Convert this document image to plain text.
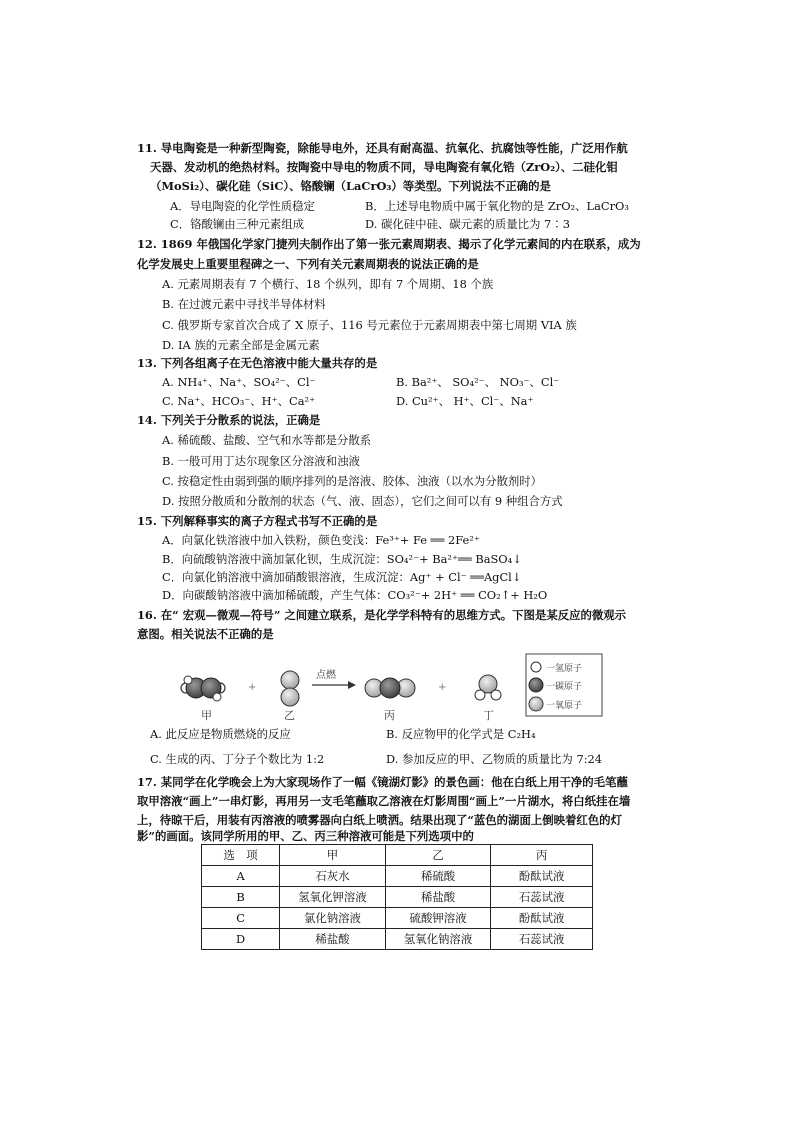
11. 导电陶瓷是一种新型陶瓷，除能导电外，还具有耐高温、抗氧化、抗腐蚀等性能，广泛用作航
天器、发动机的绝热材料。按陶瓷中导电的物质不同，导电陶瓷有氧化锆（ZrO₂）、二硅化钼
（MoSi₂）、碳化硅（SiC）、铬酸镧（LaCrO₃）等类型。下列说法不正确的是
A．导电陶瓷的化学性质稳定	B．上述导电物质中属于氧化物的是 ZrO₂、LaCrO₃
C．铬酸镧由三种元素组成	D. 碳化硅中硅、碳元素的质量比为 7∶3
12. 1869 年俄国化学家门捷列夫制作出了第一张元素周期表、揭示了化学元素间的内在联系，成为
化学发展史上重要里程碑之一、下列有关元素周期表的说法正确的是
A. 元素周期表有 7 个横行、18 个纵列，即有 7 个周期、18 个族
B. 在过渡元素中寻找半导体材料
C. 俄罗斯专家首次合成了 X 原子、116 号元素位于元素周期表中第七周期 VIA 族
D. IA 族的元素全部是金属元素
13. 下列各组离子在无色溶液中能大量共存的是
A. NH₄⁺、Na⁺、SO₄²⁻、Cl⁻	B. Ba²⁺、 SO₄²⁻、 NO₃⁻、Cl⁻
C. Na⁺、HCO₃⁻、H⁺、Ca²⁺	D. Cu²⁺、 H⁺、Cl⁻、Na⁺
14. 下列关于分散系的说法，正确是
A. 稀硫酸、盐酸、空气和水等都是分散系
B. 一般可用丁达尔现象区分溶液和浊液
C. 按稳定性由弱到强的顺序排列的是溶液、胶体、浊液（以水为分散剂时）
D. 按照分散质和分散剂的状态（气、液、固态），它们之间可以有 9 种组合方式
15. 下列解释事实的离子方程式书写不正确的是
A．向氯化铁溶液中加入铁粉，颜色变浅：Fe³⁺+ Fe ══ 2Fe²⁺
B．向硫酸钠溶液中滴加氯化钡，生成沉淀：SO₄²⁻+ Ba²⁺══ BaSO₄↓
C．向氯化钠溶液中滴加硝酸银溶液，生成沉淀：Ag⁺ + Cl⁻ ══AgCl↓
D．向碳酸钠溶液中滴加稀硫酸，产生气体：CO₃²⁻+ 2H⁺ ══ CO₂↑+ H₂O
16. 在“ 宏观—微观—符号” 之间建立联系，是化学学科特有的思维方式。下图是某反应的微观示
意图。相关说法不正确的是
甲
+
乙
点燃
丙
+
丁
一氢原子
一碳原子
一氧原子
A. 此反应是物质燃烧的反应	B. 反应物甲的化学式是 C₂H₄
C. 生成的丙、丁分子个数比为 1:2	D. 参加反应的甲、乙物质的质量比为 7:24
17. 某同学在化学晚会上为大家现场作了一幅《镜湖灯影》的景色画：他在白纸上用干净的毛笔蘸
取甲溶液“画上”一串灯影，再用另一支毛笔蘸取乙溶液在灯影周围“画上”一片湖水，将白纸挂在墙
上，待晾干后，用装有丙溶液的喷雾器向白纸上喷洒。结果出现了“蓝色的湖面上倒映着红色的灯
影”的画面。该同学所用的甲、乙、丙三种溶液可能是下列选项中的
选　项	甲	乙	丙
A	石灰水	稀硫酸	酚酞试液
B	氢氧化钾溶液	稀盐酸	石蕊试液
C	氯化钠溶液	硫酸钾溶液	酚酞试液
D	稀盐酸	氢氧化钠溶液	石蕊试液
